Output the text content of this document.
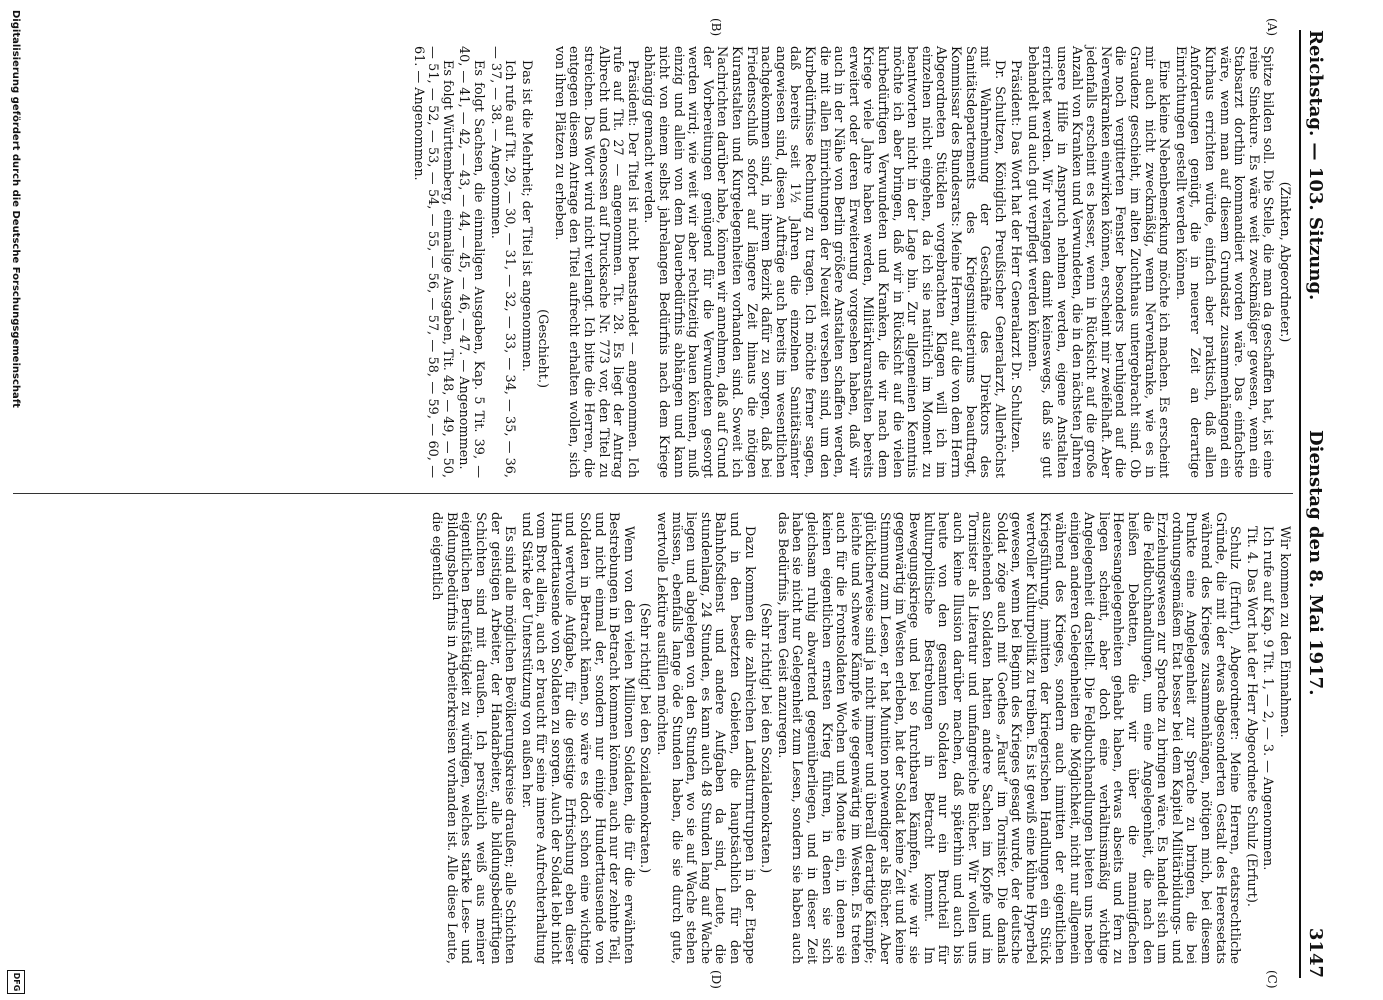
Reichstag. — 103. Sitzung.
Dienstag den 8. Mai 1917.
3147
(A)
(B)
(C)
(D)

(Zinkten, Abgeordneter.)

Spitze bilden soll. Die Stelle, die man da geschaffen hat, ist eine reine Sinekure. Es wäre weit zweckmäßiger gewesen, wenn ein Stabsarzt dorthin kommandiert worden wäre. Das einfachste wäre, wenn man auf diesem Grundsatz zusammenhängend ein Kurhaus errichten würde, einfach aber praktisch, daß allen Anforderungen genügt, die in neuerer Zeit an derartige Einrichtungen gestellt werden können.

Eine kleine Nebenbemerkung möchte ich machen. Es erscheint mir auch nicht zweckmäßig, wenn Nervenkranke, wie es in Graudenz geschieht, im alten Zuchthaus untergebracht sind. Ob die noch vergitterten Fenster besonders beruhigend auf die Nervenkranken einwirken können, erscheint mir zweifelhaft. Aber jedenfalls erscheint es besser, wenn in Rücksicht auf die große Anzahl von Kranken und Verwundeten, die in den nächsten Jahren unsere Hilfe in Anspruch nehmen werden, eigene Anstalten errichtet werden. Wir verlangen damit keineswegs, daß sie gut behandelt und auch gut verpflegt werden können.

Präsident: Das Wort hat der Herr Generalarzt Dr. Schultzen.

Dr. Schultzen, Königlich Preußischer Generalarzt, Allerhöchst mit Wahrnehmung der Geschäfte des Direktors des Sanitätsdepartements des Kriegsministeriums beauftragt, Kommissar des Bundesrats: Meine Herren, auf die von dem Herrn Abgeordneten Stücklen vorgebrachten Klagen will ich im einzelnen nicht eingehen, da ich sie natürlich im Moment zu beantworten nicht in der Lage bin. Zur allgemeinen Kenntnis möchte ich aber bringen, daß wir in Rücksicht auf die vielen kurbedürftigen Verwundeten und Kranken, die wir nach dem Kriege viele Jahre haben werden, Militärkuranstalten bereits erweitert oder deren Erweiterung vorgesehen haben, daß wir auch in der Nähe von Berlin größere Anstalten schaffen werden, die mit allen Einrichtungen der Neuzeit versehen sind, um den Kurbedürfnisse Rechnung zu tragen. Ich möchte ferner sagen, daß bereits seit 1½ Jahren die einzelnen Sanitätsämter angewiesen sind, diesen Aufträge auch bereits im wesentlichen nachgekommen sind, in ihrem Bezirk dafür zu sorgen, daß bei Friedensschluß sofort auf längere Zeit hinaus die nötigen Kuranstalten und Kurgelegenheiten vorhanden sind. Soweit ich Nachrichten darüber habe, können wir annehmen, daß auf Grund der Vorbereitungen genügend für die Verwundeten gesorgt werden wird; wie weit wir aber rechtzeitig bauen können, muß einzig und allein von dem Dauerbedürfnis abhängen und kann nicht von einem selbst jahrelangen Bedürfnis nach dem Kriege abhängig gemacht werden.

Präsident: Der Titel ist nicht beanstandet — angenommen. Ich rufe auf Tit. 27 — angenommen. Tit. 28. Es liegt der Antrag Albrecht und Genossen auf Drucksache Nr. 773 vor, den Titel zu streichen. Das Wort wird nicht verlangt. Ich bitte die Herren, die entgegen diesem Antrage den Titel aufrecht erhalten wollen, sich von ihren Plätzen zu erheben.

(Geschieht.)

Das ist die Mehrheit; der Titel ist angenommen.

Ich rufe auf Tit. 29, — 30, — 31, — 32, — 33, — 34, — 35, — 36, — 37, — 38. — Angenommen.

Es folgt Sachsen, die einmaligen Ausgaben, Kap. 5 Tit. 39, — 40, — 41, — 42, — 43, — 44, — 45, — 46, — 47. — Angenommen.

Es folgt Württemberg, einmalige Ausgaben, Tit. 48, — 49, — 50, — 51, — 52, — 53, — 54, — 55, — 56, — 57, — 58, — 59, — 60, — 61. — Angenommen.

Wir kommen zu den Einnahmen.

Ich rufe auf Kap. 9 Tit. 1, — 2, — 3. — Angenommen.

Tit. 4. Das Wort hat der Herr Abgeordnete Schulz (Erfurt).

Schulz (Erfurt), Abgeordneter: Meine Herren, etatsrechtliche Gründe, die mit der etwas abgesonderten Gestalt des Heeresetats während des Krieges zusammenhängen, nötigen mich, bei diesem Punkte eine Angelegenheit zur Sprache zu bringen, die bei ordnungsgemäßem Etat besser bei dem Kapitel Militärbildungs- und Erziehungswesen zur Sprache zu bringen wäre. Es handelt sich um die Feldbuchhandlungen, um eine Angelegenheit, die nach den heißen Debatten, die wir über die mannigfachen Heeresangelegenheiten gehabt haben, etwas abseits und fern zu liegen scheint, aber doch eine verhältnismäßig wichtige Angelegenheit darstellt. Die Feldbuchhandlungen bieten uns neben einigen anderen Gelegenheiten die Möglichkeit, nicht nur allgemein während des Krieges, sondern auch inmitten der eigentlichen Kriegsführung, inmitten der kriegerischen Handlungen ein Stück wertvoller Kulturpolitik zu treiben. Es ist gewiß eine kühne Hyperbel gewesen, wenn bei Beginn des Krieges gesagt wurde, der deutsche Soldat zöge auch mit Goethes „Faust“ im Tornister. Die damals ausziehenden Soldaten hatten andere Sachen im Kopfe und im Tornister als Literatur und umfangreiche Bücher. Wir wollen uns auch keine Illusion darüber machen, daß späterhin und auch bis heute von den gesamten Soldaten nur ein Bruchteil für kulturpolitische Bestrebungen in Betracht kommt. Im Bewegungskriege und bei so furchtbaren Kämpfen, wie wir sie gegenwärtig im Westen erleben, hat der Soldat keine Zeit und keine Stimmung zum Lesen, er hat Munition notwendiger als Bücher. Aber glücklicherweise sind ja nicht immer und überall derartige Kämpfe; leichte und schwere Kämpfe wie gegenwärtig im Westen. Es treten auch für die Frontsoldaten Wochen und Monate ein, in denen sie keinen eigentlichen ernsten Krieg führen, in denen sie sich gleichsam ruhig abwartend gegenüberliegen, und in dieser Zeit haben sie nicht nur Gelegenheit zum Lesen, sondern sie haben auch das Bedürfnis, ihren Geist anzuregen.

(Sehr richtig! bei den Sozialdemokraten.)

Dazu kommen die zahlreichen Landsturmtruppen in der Etappe und in den besetzten Gebieten, die hauptsächlich für den Bahnhofsdienst und andere Aufgaben da sind, Leute, die stundenlang, 24 Stunden, es kann auch 48 Stunden lang auf Wache liegen und abgelegen von den Stunden, wo sie auf Wache stehen müssen, ebenfalls lange öde Stunden haben, die sie durch gute, wertvolle Lektüre ausfüllen möchten.

(Sehr richtig! bei den Sozialdemokraten.)

Wenn von den vielen Millionen Soldaten, die für die erwähnten Bestrebungen in Betracht kommen können, auch nur der zehnte Teil, und nicht einmal der, sondern nur einige Hunderttausende von Soldaten in Betracht kämen, so wäre es doch schon eine wichtige und wertvolle Aufgabe, für die geistige Erfrischung eben dieser Hunderttausende von Soldaten zu sorgen. Auch der Soldat lebt nicht vom Brot allein, auch er braucht für seine innere Aufrechterhaltung und Stärke der Unterstützung von außen her.

Es sind alle möglichen Bevölkerungskreise draußen; alle Schichten der geistigen Arbeiter, der Handarbeiter, alle bildungsbedürftigen Schichten sind mit draußen. Ich persönlich weiß aus meiner eigentlichen Berufstätigkeit zu würdigen, welches starke Lese- und Bildungsbedürfnis in Arbeiterkreisen vorhanden ist. Alle diese Leute, die eigentlich

Digitalisierung gefördert durch die Deutsche Forschungsgemeinschaft
DFG
